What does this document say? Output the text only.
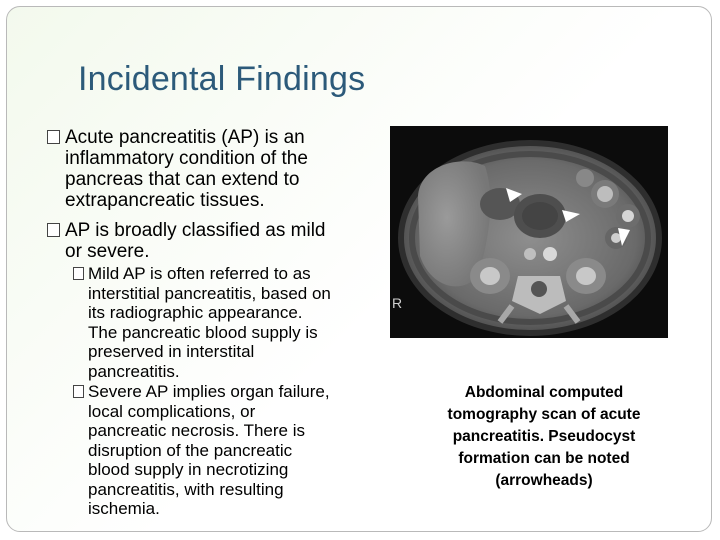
Incidental Findings
Acute pancreatitis (AP) is an
inflammatory condition of the
pancreas that can extend to
extrapancreatic tissues.
AP is broadly classified as mild
or severe.
Mild AP is often referred to as
interstitial pancreatitis, based on
its radiographic appearance.
The pancreatic blood supply is
preserved in interstital
pancreatitis.
Severe AP implies organ failure,
local complications, or
pancreatic necrosis. There is
disruption of the pancreatic
blood supply in necrotizing
pancreatitis, with resulting
ischemia.
R
Abdominal computed
tomography scan of acute
pancreatitis. Pseudocyst
formation can be noted
(arrowheads)
